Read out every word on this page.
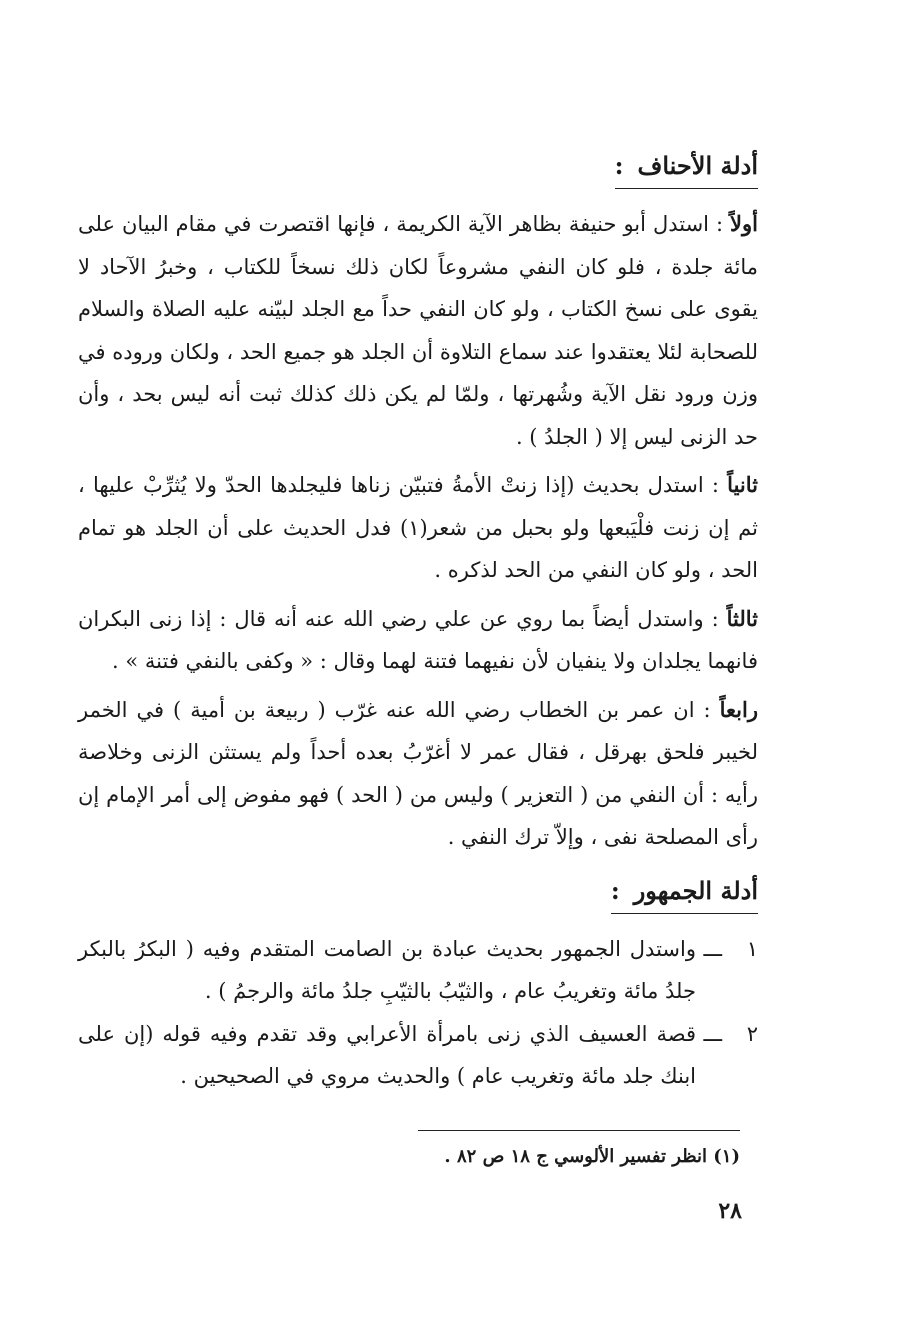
أدلة الأحناف:

أولاً : استدل أبو حنيفة بظاهر الآية الكريمة ، فإنها اقتصرت في مقام البيان على مائة جلدة ، فلو كان النفي مشروعاً لكان ذلك نسخاً للكتاب ، وخبرُ الآحاد لا يقوى على نسخ الكتاب ، ولو كان النفي حداً مع الجلد لبيّنه عليه الصلاة والسلام للصحابة لئلا يعتقدوا عند سماع التلاوة أن الجلد هو جميع الحد ، ولكان وروده في وزن ورود نقل الآية وشُهرتها ، ولمّا لم يكن ذلك كذلك ثبت أنه ليس بحد ، وأن حد الزنى ليس إلا ( الجلدُ ) .

ثانياً : استدل بحديث (إذا زنتْ الأمةُ فتبيّن زناها فليجلدها الحدّ ولا يُثرِّبْ عليها ، ثم إن زنت فلْيَبعها ولو بحبل من شعر(١) فدل الحديث على أن الجلد هو تمام الحد ، ولو كان النفي من الحد لذكره .

ثالثاً : واستدل أيضاً بما روي عن علي رضي الله عنه أنه قال : إذا زنى البكران فانهما يجلدان ولا ينفيان لأن نفيهما فتنة لهما وقال : « وكفى بالنفي فتنة » .

رابعاً : ان عمر بن الخطاب رضي الله عنه غرّب ( ربيعة بن أمية ) في الخمر لخيبر فلحق بهرقل ، فقال عمر لا أغرّبُ بعده أحداً ولم يستثن الزنى وخلاصة رأيه : أن النفي من ( التعزير ) وليس من ( الحد ) فهو مفوض إلى أمر الإمام إن رأى المصلحة نفى ، وإلاّ ترك النفي .

أدلة الجمهور:
١
ـــ
واستدل الجمهور بحديث عبادة بن الصامت المتقدم وفيه ( البكرُ بالبكر جلدُ مائة وتغريبُ عام ، والثيّبُ بالثيّبِ جلدُ مائة والرجمُ ) .
٢
ـــ
قصة العسيف الذي زنى بامرأة الأعرابي وقد تقدم وفيه قوله (إن على ابنك جلد مائة وتغريب عام ) والحديث مروي في الصحيحين .
(١) انظر تفسير الألوسي ج ١٨ ص ٨٢ .
٢٨
